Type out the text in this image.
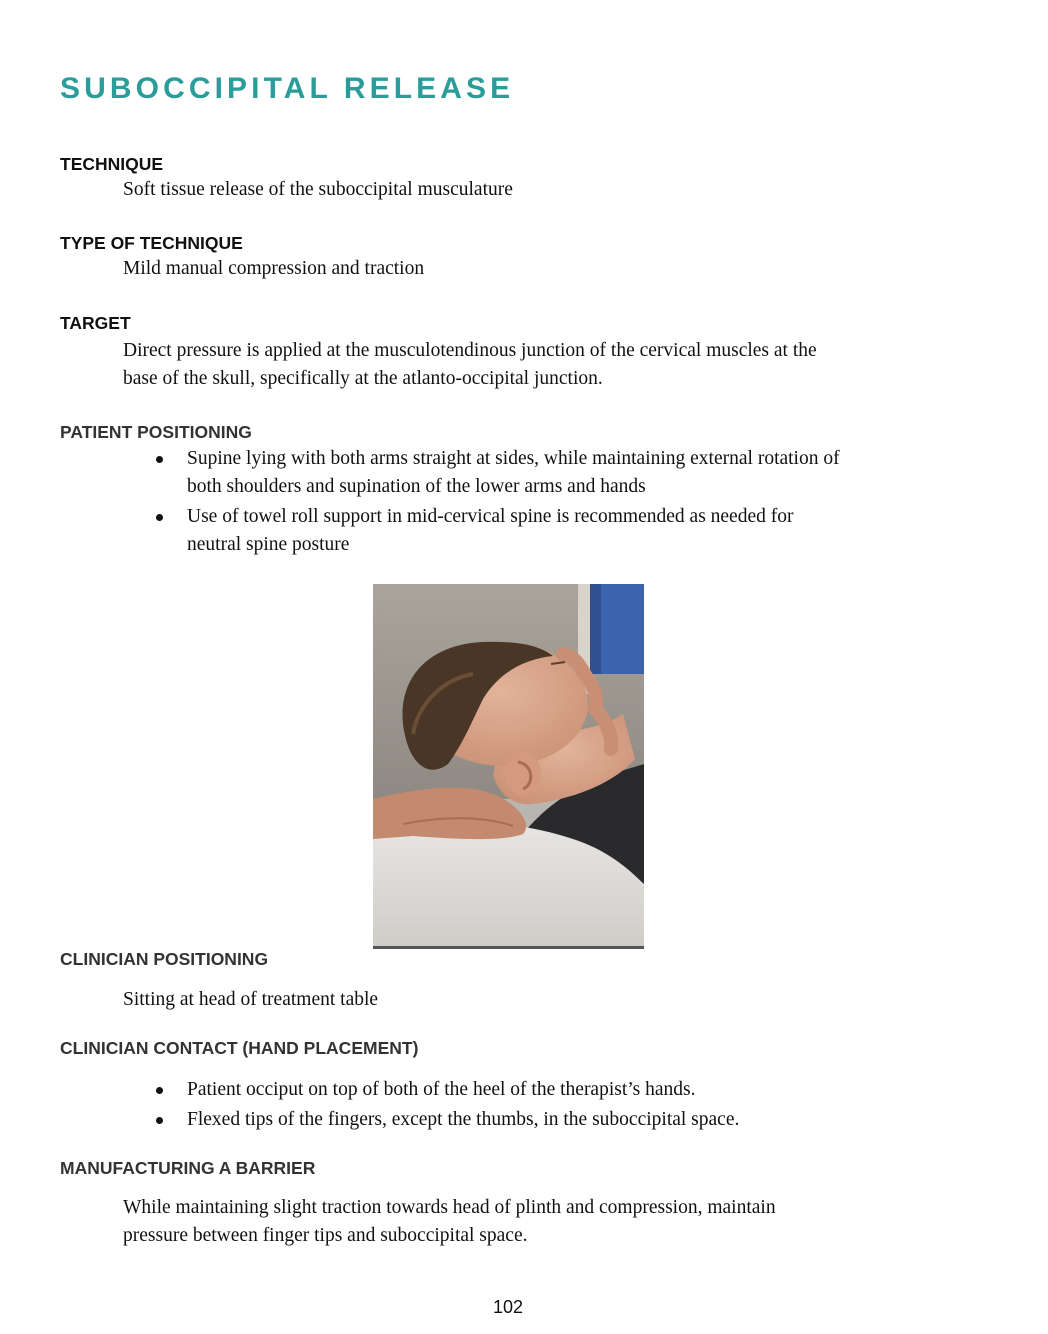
SUBOCCIPITAL RELEASE
TECHNIQUE

Soft tissue release of the suboccipital musculature

TYPE OF TECHNIQUE

Mild manual compression and traction

TARGET
Direct pressure is applied at the musculotendinous junction of the cervical muscles at the
base of the skull, specifically at the atlanto-occipital junction.
PATIENT POSITIONING
Supine lying with both arms straight at sides, while maintaining external rotation of
both shoulders and supination of the lower arms and hands
Use of towel roll support in mid-cervical spine is recommended as needed for
neutral spine posture
CLINICIAN POSITIONING

Sitting at head of treatment table

CLINICIAN CONTACT (HAND PLACEMENT)
Patient occiput on top of both of the heel of the therapist’s hands.
Flexed tips of the fingers, except the thumbs, in the suboccipital space.
MANUFACTURING A BARRIER
While maintaining slight traction towards head of plinth and compression, maintain
pressure between finger tips and suboccipital space.

102
